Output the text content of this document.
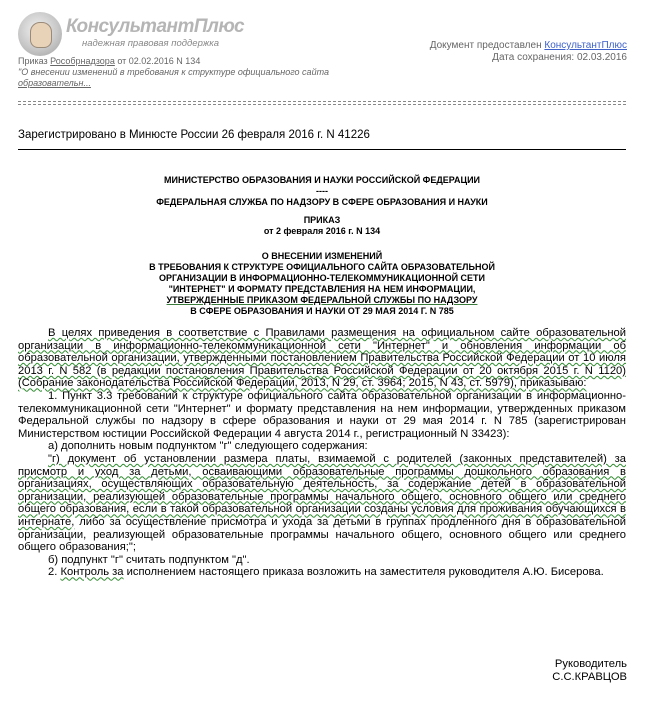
КонсультантПлюс
надежная правовая поддержка
Приказ Рособрнадзора от 02.02.2016 N 134
"О внесении изменений в требования к структуре официального сайта
образовательн...
Документ предоставлен КонсультантПлюс
Дата сохранения: 02.03.2016
Зарегистрировано в Минюсте России 26 февраля 2016 г. N 41226
МИНИСТЕРСТВО ОБРАЗОВАНИЯ И НАУКИ РОССИЙСКОЙ ФЕДЕРАЦИИ
----
ФЕДЕРАЛЬНАЯ СЛУЖБА ПО НАДЗОРУ В СФЕРЕ ОБРАЗОВАНИЯ И НАУКИ
ПРИКАЗ
от 2 февраля 2016 г. N 134
О ВНЕСЕНИИ ИЗМЕНЕНИЙ
В ТРЕБОВАНИЯ К СТРУКТУРЕ ОФИЦИАЛЬНОГО САЙТА ОБРАЗОВАТЕЛЬНОЙ
ОРГАНИЗАЦИИ В ИНФОРМАЦИОННО-ТЕЛЕКОММУНИКАЦИОННОЙ СЕТИ
"ИНТЕРНЕТ" И ФОРМАТУ ПРЕДСТАВЛЕНИЯ НА НЕМ ИНФОРМАЦИИ,
УТВЕРЖДЕННЫЕ ПРИКАЗОМ ФЕДЕРАЛЬНОЙ СЛУЖБЫ ПО НАДЗОРУ
В СФЕРЕ ОБРАЗОВАНИЯ И НАУКИ ОТ 29 МАЯ 2014 Г. N 785

В целях приведения в соответствие с Правилами размещения на официальном сайте образовательной организации в информационно-телекоммуникационной сети "Интернет" и обновления информации об образовательной организации, утвержденными постановлением Правительства Российской Федерации от 10 июля 2013 г. N 582 (в редакции постановления Правительства Российской Федерации от 20 октября 2015 г. N 1120) (Собрание законодательства Российской Федерации, 2013, N 29, ст. 3964; 2015, N 43, ст. 5979), приказываю:

1. Пункт 3.3 требований к структуре официального сайта образовательной организации в информационно-телекоммуникационной сети "Интернет" и формату представления на нем информации, утвержденных приказом Федеральной службы по надзору в сфере образования и науки от 29 мая 2014 г. N 785 (зарегистрирован Министерством юстиции Российской Федерации 4 августа 2014 г., регистрационный N 33423):

а) дополнить новым подпунктом "г" следующего содержания:

"г) документ об установлении размера платы, взимаемой с родителей (законных представителей) за присмотр и уход за детьми, осваивающими образовательные программы дошкольного образования в организациях, осуществляющих образовательную деятельность, за содержание детей в образовательной организации, реализующей образовательные программы начального общего, основного общего или среднего общего образования, если в такой образовательной организации созданы условия для проживания обучающихся в интернате, либо за осуществление присмотра и ухода за детьми в группах продленного дня в образовательной организации, реализующей образовательные программы начального общего, основного общего или среднего общего образования;";

б) подпункт "г" считать подпунктом "д".

2. Контроль за исполнением настоящего приказа возложить на заместителя руководителя А.Ю. Бисерова.

Руководитель
С.С.КРАВЦОВ
